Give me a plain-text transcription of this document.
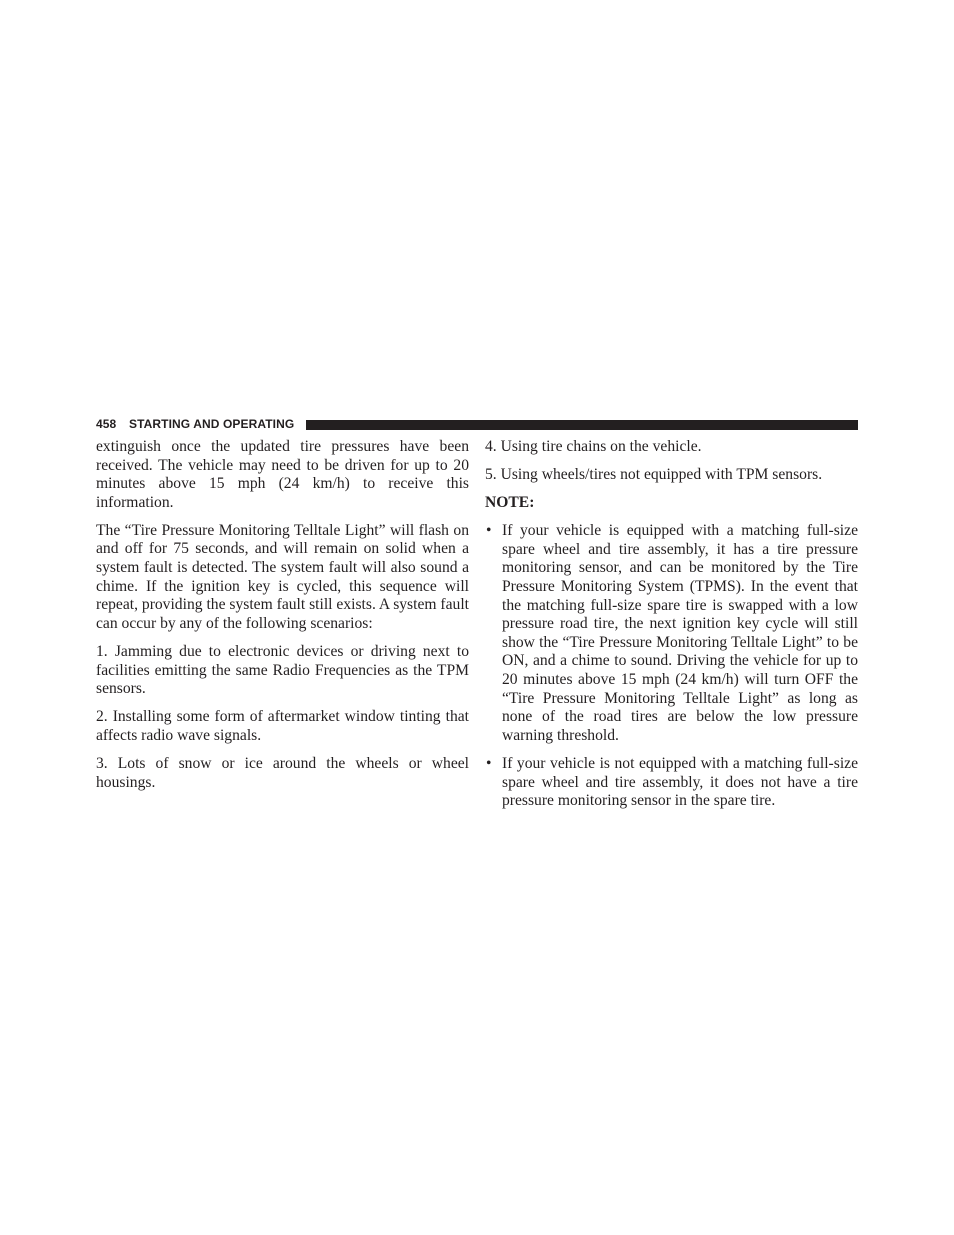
458 STARTING AND OPERATING

extinguish once the updated tire pressures have been received. The vehicle may need to be driven for up to 20 minutes above 15 mph (24 km/h) to receive this information.

The “Tire Pressure Monitoring Telltale Light” will flash on and off for 75 seconds, and will remain on solid when a system fault is detected. The system fault will also sound a chime. If the ignition key is cycled, this sequence will repeat, providing the system fault still exists. A system fault can occur by any of the following scenarios:

1. Jamming due to electronic devices or driving next to facilities emitting the same Radio Frequencies as the TPM sensors.

2. Installing some form of aftermarket window tinting that affects radio wave signals.

3. Lots of snow or ice around the wheels or wheel housings.

4. Using tire chains on the vehicle.

5. Using wheels/tires not equipped with TPM sensors.

NOTE:

• If your vehicle is equipped with a matching full-size spare wheel and tire assembly, it has a tire pressure monitoring sensor, and can be monitored by the Tire Pressure Monitoring System (TPMS). In the event that the matching full-size spare tire is swapped with a low pressure road tire, the next ignition key cycle will still show the “Tire Pressure Monitoring Telltale Light” to be ON, and a chime to sound. Driving the vehicle for up to 20 minutes above 15 mph (24 km/h) will turn OFF the “Tire Pressure Monitoring Telltale Light” as long as none of the road tires are below the low pressure warning threshold.
• If your vehicle is not equipped with a matching full-size spare wheel and tire assembly, it does not have a tire pressure monitoring sensor in the spare tire.
